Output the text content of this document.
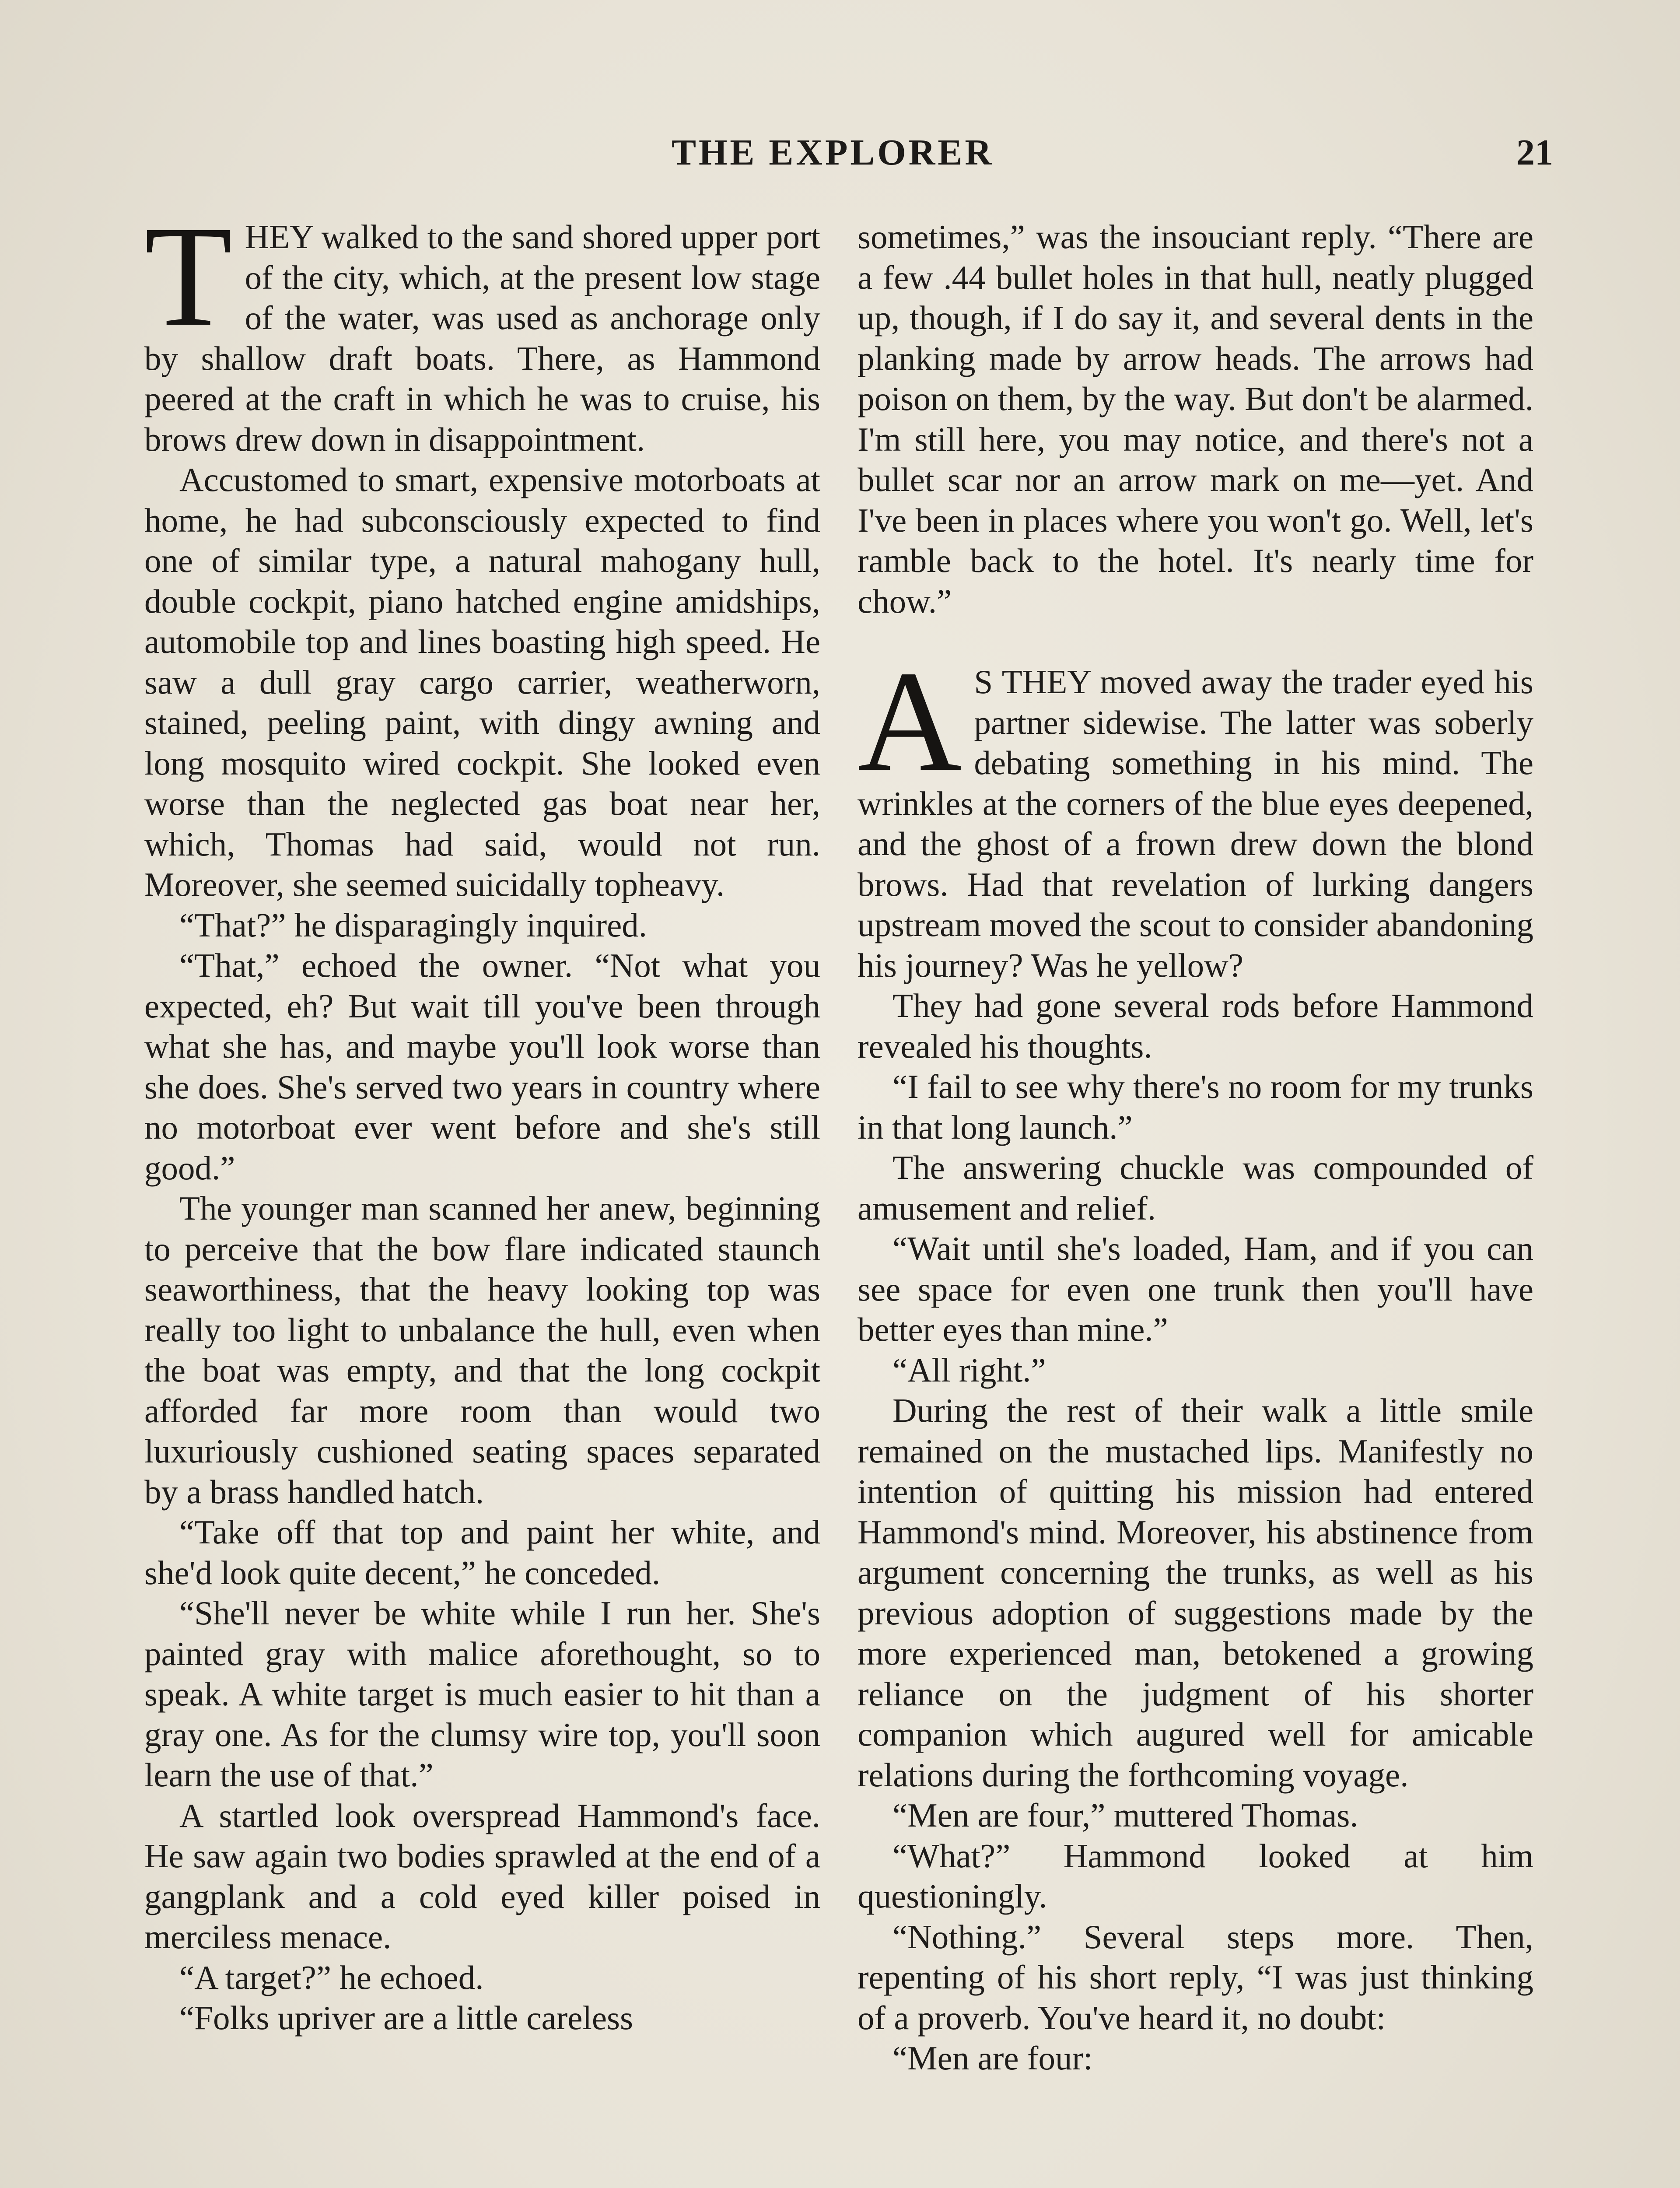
THE EXPLORER	21

THEY walked to the sand shored upper port of the city, which, at the present low stage of the water, was used as anchorage only by shallow draft boats. There, as Hammond peered at the craft in which he was to cruise, his brows drew down in disappointment.

Accustomed to smart, expensive motorboats at home, he had subconsciously expected to find one of similar type, a natural mahogany hull, double cockpit, piano hatched engine amidships, automobile top and lines boasting high speed. He saw a dull gray cargo carrier, weatherworn, stained, peeling paint, with dingy awning and long mosquito wired cockpit. She looked even worse than the neglected gas boat near her, which, Thomas had said, would not run. Moreover, she seemed suicidally topheavy.

“That?” he disparagingly inquired.

“That,” echoed the owner. “Not what you expected, eh? But wait till you've been through what she has, and maybe you'll look worse than she does. She's served two years in country where no motorboat ever went before and she's still good.”

The younger man scanned her anew, beginning to perceive that the bow flare indicated staunch seaworthiness, that the heavy looking top was really too light to unbalance the hull, even when the boat was empty, and that the long cockpit afforded far more room than would two luxuriously cushioned seating spaces separated by a brass handled hatch.

“Take off that top and paint her white, and she'd look quite decent,” he conceded.

“She'll never be white while I run her. She's painted gray with malice aforethought, so to speak. A white target is much easier to hit than a gray one. As for the clumsy wire top, you'll soon learn the use of that.”

A startled look overspread Hammond's face. He saw again two bodies sprawled at the end of a gangplank and a cold eyed killer poised in merciless menace.

“A target?” he echoed.

“Folks upriver are a little careless

sometimes,” was the insouciant reply. “There are a few .44 bullet holes in that hull, neatly plugged up, though, if I do say it, and several dents in the planking made by arrow heads. The arrows had poison on them, by the way. But don't be alarmed. I'm still here, you may notice, and there's not a bullet scar nor an arrow mark on me—yet. And I've been in places where you won't go. Well, let's ramble back to the hotel. It's nearly time for chow.”

A S THEY moved away the trader eyed his partner sidewise. The latter was soberly debating something in his mind. The wrinkles at the corners of the blue eyes deepened, and the ghost of a frown drew down the blond brows. Had that revelation of lurking dangers upstream moved the scout to consider abandoning his journey? Was he yellow?

They had gone several rods before Hammond revealed his thoughts.

“I fail to see why there's no room for my trunks in that long launch.”

The answering chuckle was compounded of amusement and relief.

“Wait until she's loaded, Ham, and if you can see space for even one trunk then you'll have better eyes than mine.”

“All right.”

During the rest of their walk a little smile remained on the mustached lips. Manifestly no intention of quitting his mission had entered Hammond's mind. Moreover, his abstinence from argument concerning the trunks, as well as his previous adoption of suggestions made by the more experienced man, betokened a growing reliance on the judgment of his shorter companion which augured well for amicable relations during the forthcoming voyage.

“Men are four,” muttered Thomas.

“What?” Hammond looked at him questioningly.

“Nothing.” Several steps more. Then, repenting of his short reply, “I was just thinking of a proverb. You've heard it, no doubt:

“Men are four:
